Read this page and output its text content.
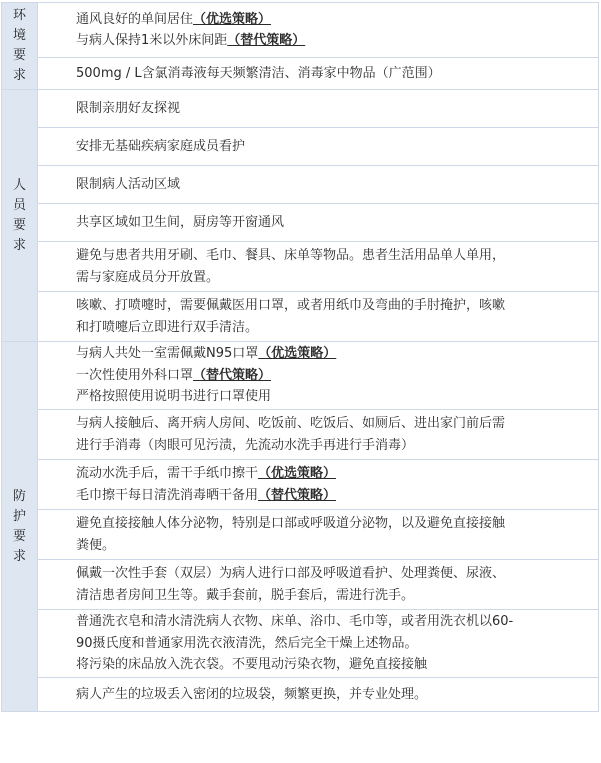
环境要求	通风良好的单间居住（优选策略）
与病人保持1米以外床间距（替代策略）

	500mg / L含氯消毒液每天频繁清洁、消毒家中物品（广范围）

人员要求	限制亲朋好友探视

	安排无基础疾病家庭成员看护

	限制病人活动区域

	共享区域如卫生间，厨房等开窗通风

	避免与患者共用牙刷、毛巾、餐具、床单等物品。患者生活用品单人单用，
需与家庭成员分开放置。

	咳嗽、打喷嚏时，需要佩戴医用口罩，或者用纸巾及弯曲的手肘掩护，咳嗽
和打喷嚏后立即进行双手清洁。

防护要求	与病人共处一室需佩戴N95口罩（优选策略）
一次性使用外科口罩（替代策略）
严格按照使用说明书进行口罩使用

	与病人接触后、离开病人房间、吃饭前、吃饭后、如厕后、进出家门前后需
进行手消毒（肉眼可见污渍，先流动水洗手再进行手消毒）

	流动水洗手后，需干手纸巾擦干（优选策略）
毛巾擦干每日清洗消毒晒干备用（替代策略）

	避免直接接触人体分泌物，特别是口部或呼吸道分泌物，以及避免直接接触
粪便。

	佩戴一次性手套（双层）为病人进行口部及呼吸道看护、处理粪便、尿液、
清洁患者房间卫生等。戴手套前，脱手套后，需进行洗手。

	普通洗衣皂和清水清洗病人衣物、床单、浴巾、毛巾等，或者用洗衣机以60-
90摄氏度和普通家用洗衣液清洗，然后完全干燥上述物品。
将污染的床品放入洗衣袋。不要甩动污染衣物，避免直接接触

	病人产生的垃圾丢入密闭的垃圾袋，频繁更换，并专业处理。
